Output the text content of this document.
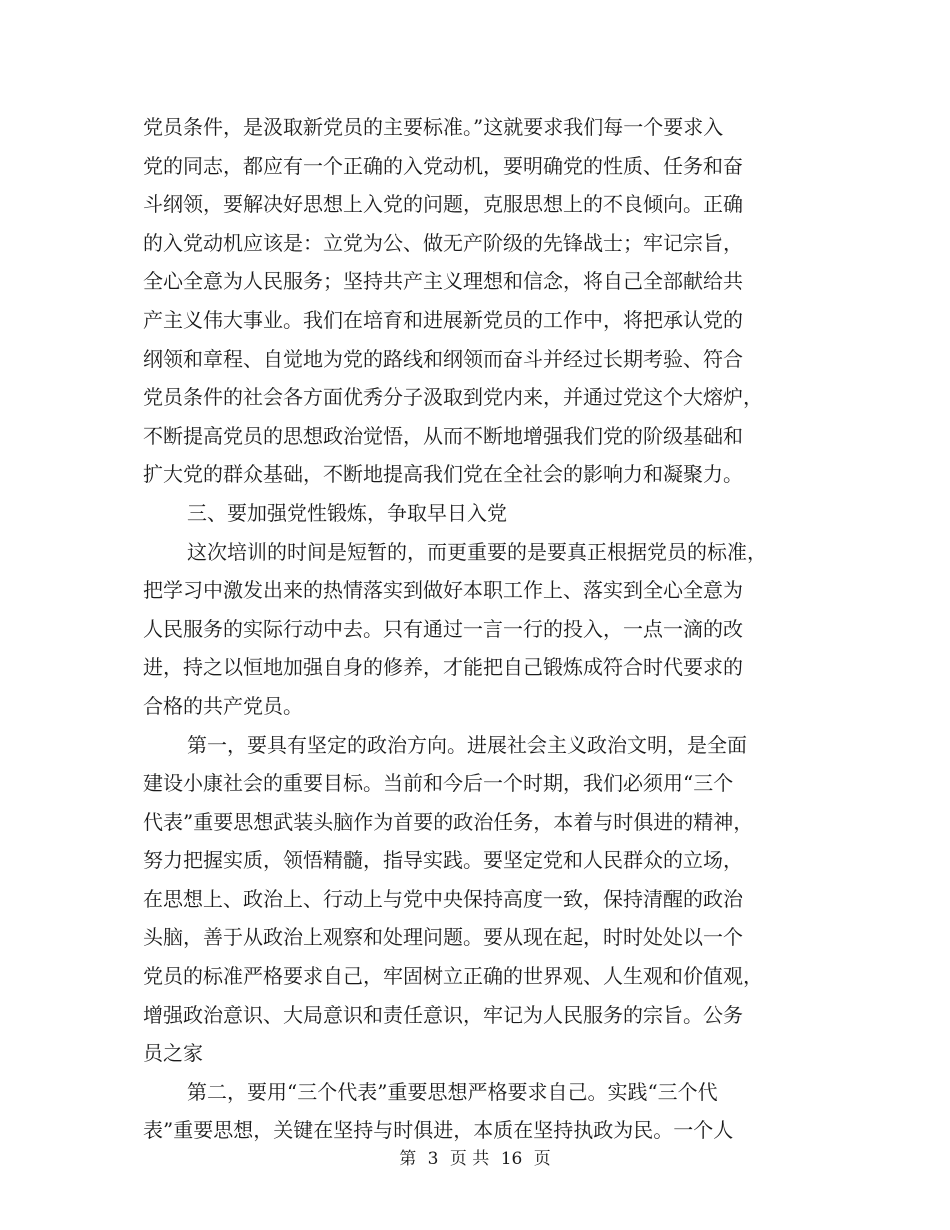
党员条件，是汲取新党员的主要标准。”这就要求我们每一个要求入
党的同志，都应有一个正确的入党动机，要明确党的性质、任务和奋
斗纲领，要解决好思想上入党的问题，克服思想上的不良倾向。正确
的入党动机应该是：立党为公、做无产阶级的先锋战士；牢记宗旨，
全心全意为人民服务；坚持共产主义理想和信念，将自己全部献给共
产主义伟大事业。我们在培育和进展新党员的工作中，将把承认党的
纲领和章程、自觉地为党的路线和纲领而奋斗并经过长期考验、符合
党员条件的社会各方面优秀分子汲取到党内来，并通过党这个大熔炉，
不断提高党员的思想政治觉悟，从而不断地增强我们党的阶级基础和
扩大党的群众基础，不断地提高我们党在全社会的影响力和凝聚力。
三、要加强党性锻炼，争取早日入党
这次培训的时间是短暂的，而更重要的是要真正根据党员的标准，
把学习中激发出来的热情落实到做好本职工作上、落实到全心全意为
人民服务的实际行动中去。只有通过一言一行的投入，一点一滴的改
进，持之以恒地加强自身的修养，才能把自己锻炼成符合时代要求的
合格的共产党员。
第一，要具有坚定的政治方向。进展社会主义政治文明，是全面
建设小康社会的重要目标。当前和今后一个时期，我们必须用“三个
代表”重要思想武装头脑作为首要的政治任务，本着与时俱进的精神，
努力把握实质，领悟精髓，指导实践。要坚定党和人民群众的立场，
在思想上、政治上、行动上与党中央保持高度一致，保持清醒的政治
头脑，善于从政治上观察和处理问题。要从现在起，时时处处以一个
党员的标准严格要求自己，牢固树立正确的世界观、人生观和价值观，
增强政治意识、大局意识和责任意识，牢记为人民服务的宗旨。公务
员之家
第二，要用“三个代表”重要思想严格要求自己。实践“三个代
表”重要思想，关键在坚持与时俱进，本质在坚持执政为民。一个人
第 3 页 共 16 页
